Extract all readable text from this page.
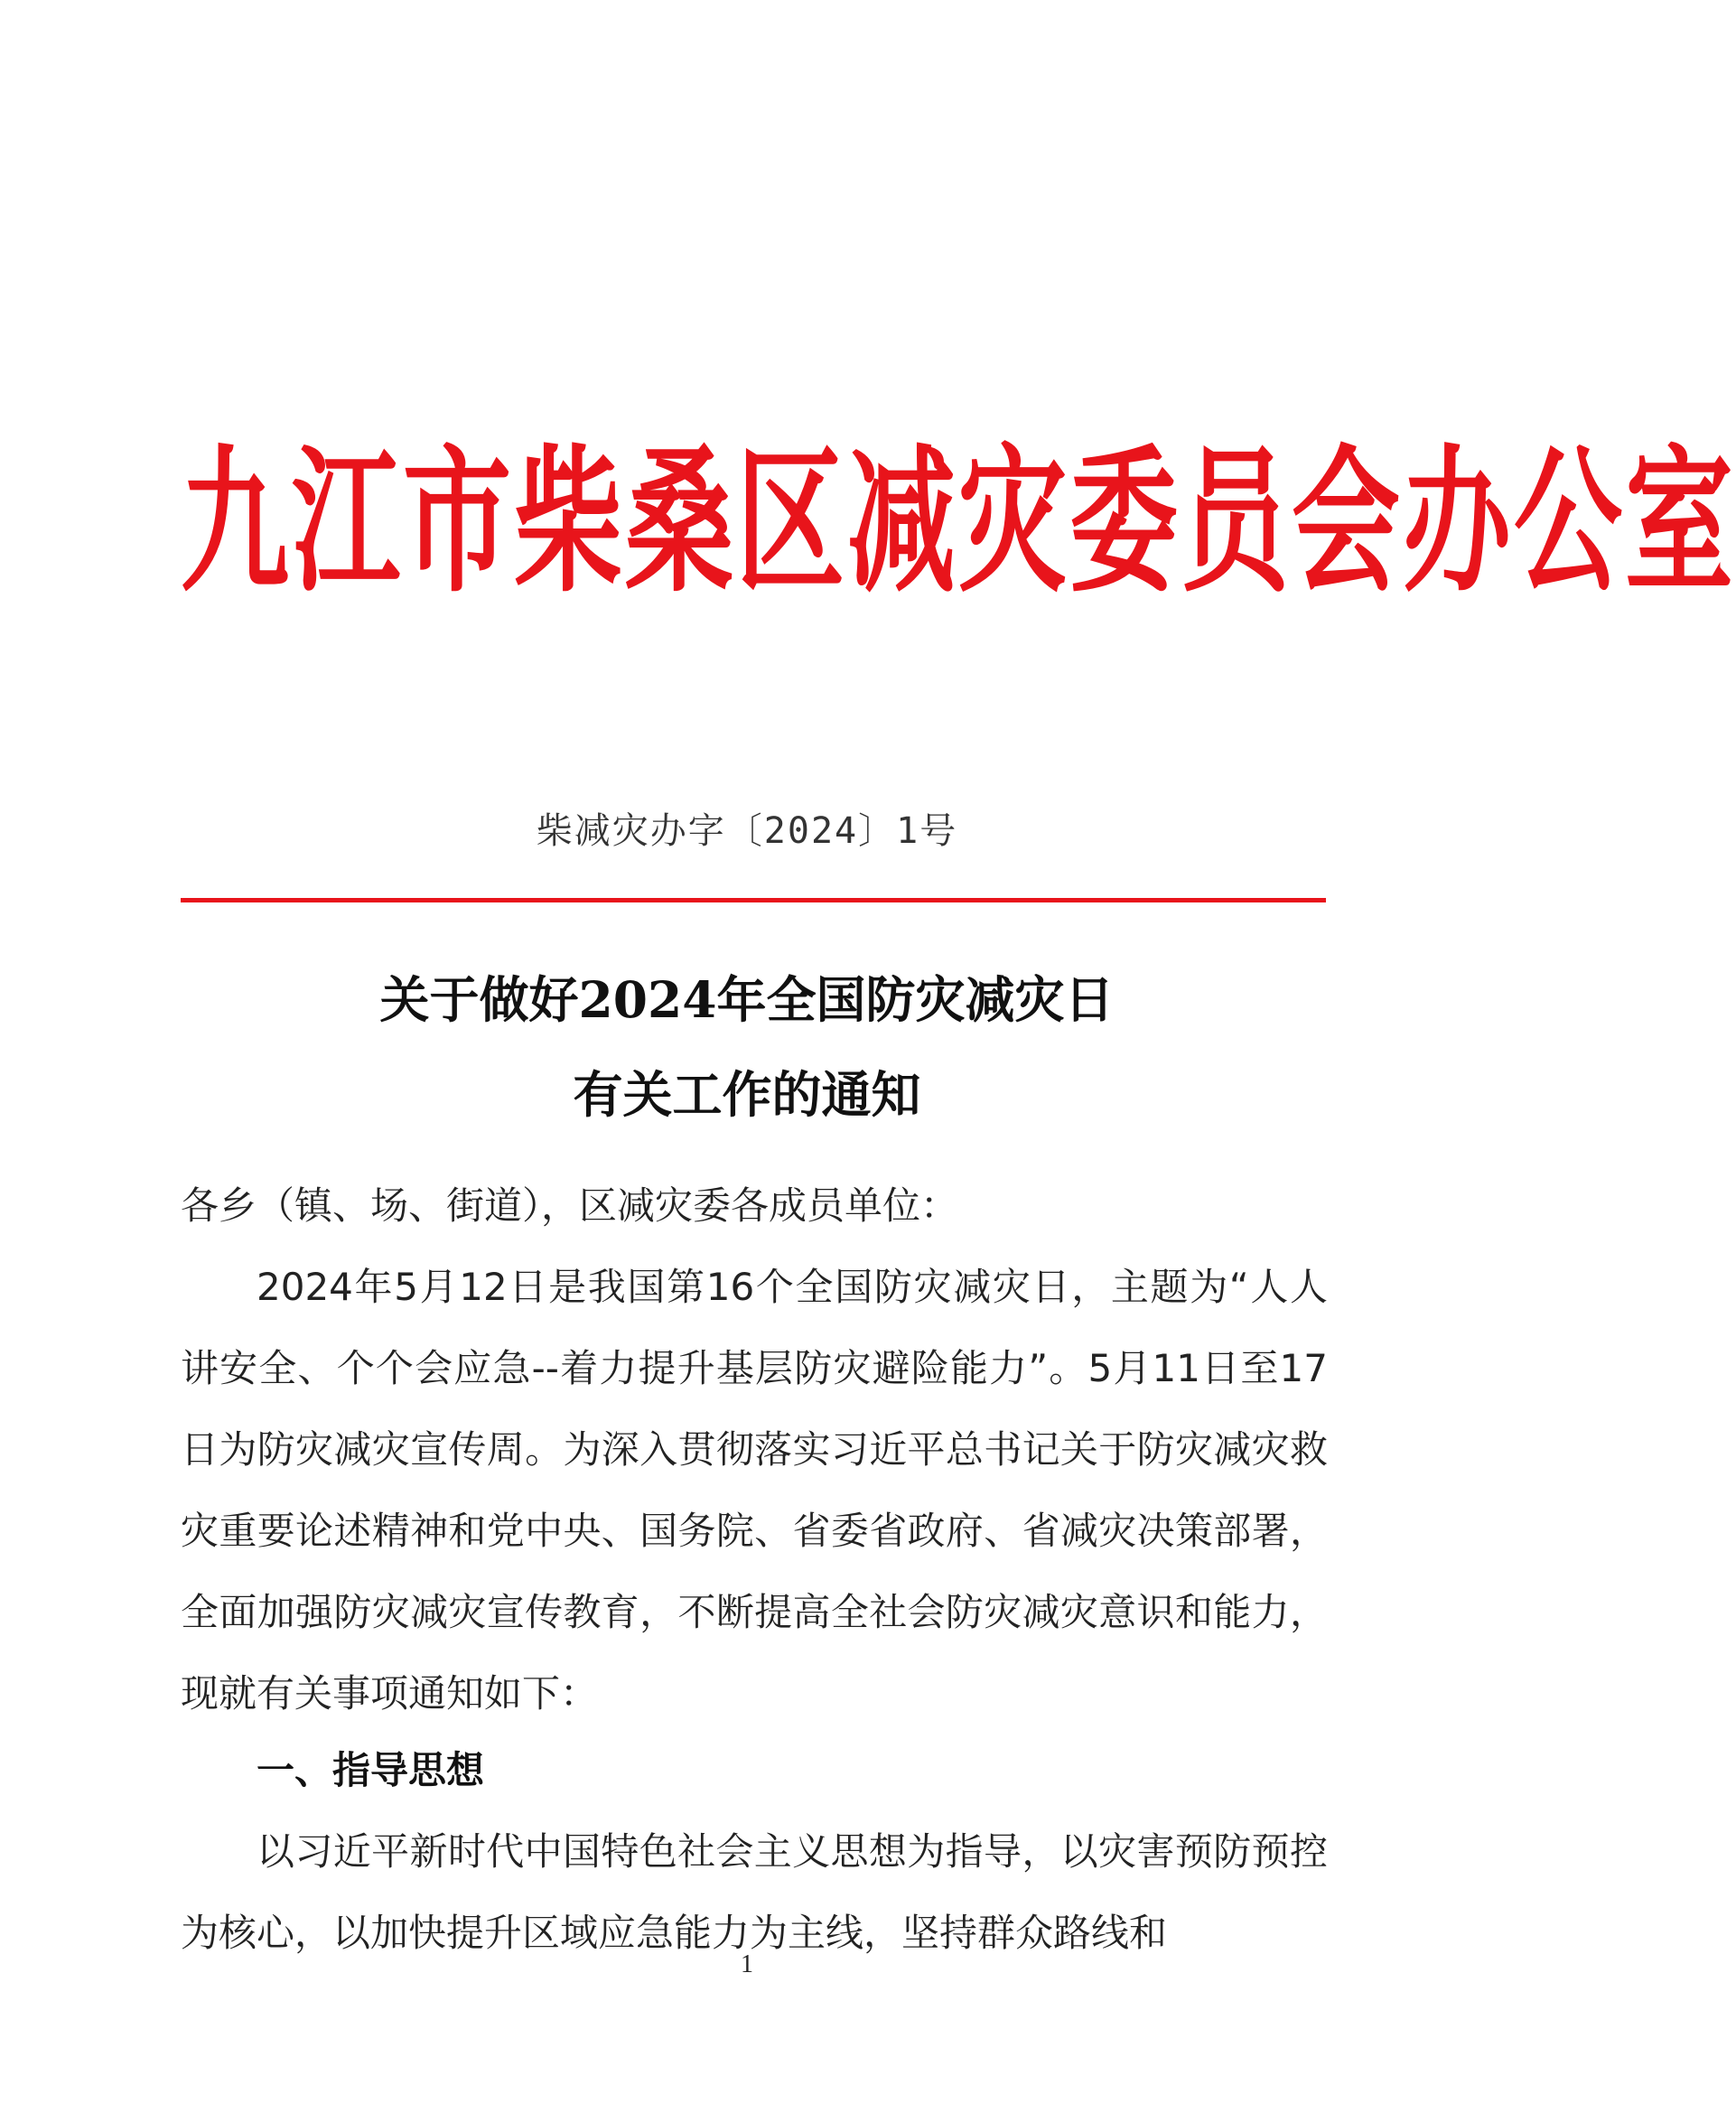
九江市柴桑区减灾委员会办公室
柴减灾办字〔2024〕1号
关于做好2024年全国防灾减灾日
有关工作的通知
各乡（镇、场、街道），区减灾委各成员单位：
2024年5月12日是我国第16个全国防灾减灾日，主题为“人人讲安全、个个会应急--着力提升基层防灾避险能力”。5月11日至17日为防灾减灾宣传周。为深入贯彻落实习近平总书记关于防灾减灾救灾重要论述精神和党中央、国务院、省委省政府、省减灾决策部署，全面加强防灾减灾宣传教育，不断提高全社会防灾减灾意识和能力，现就有关事项通知如下：
一、指导思想
以习近平新时代中国特色社会主义思想为指导，以灾害预防预控为核心，以加快提升区域应急能力为主线，坚持群众路线和
1
